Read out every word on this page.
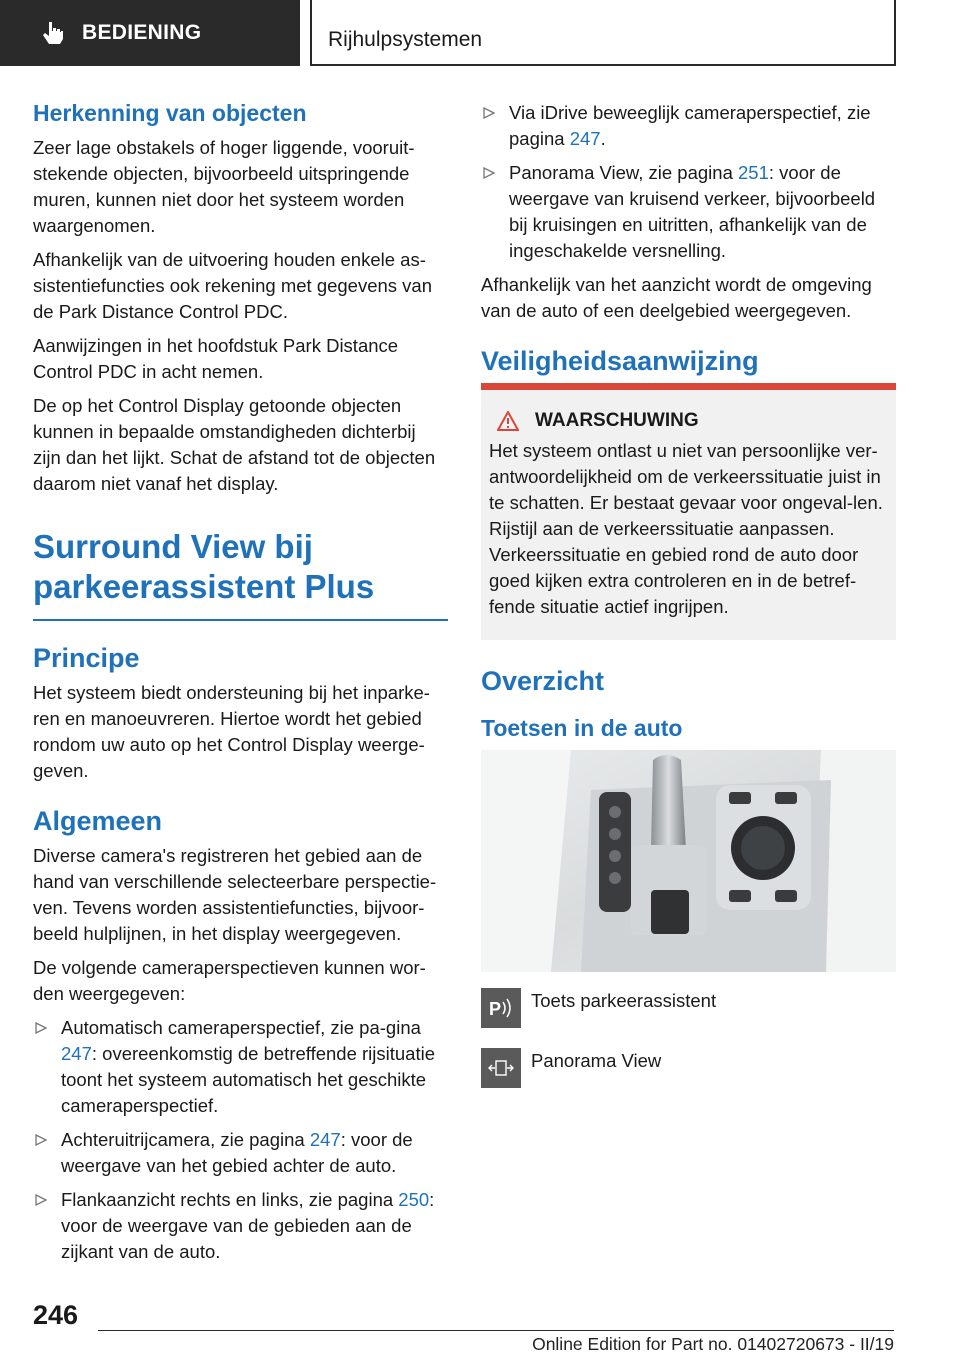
BEDIENING	Rijhulpsystemen
Herkenning van objecten

Zeer lage obstakels of hoger liggende, vooruit-stekende objecten, bijvoorbeeld uitspringende muren, kunnen niet door het systeem worden waargenomen.

Afhankelijk van de uitvoering houden enkele as-sistentiefuncties ook rekening met gegevens van de Park Distance Control PDC.

Aanwijzingen in het hoofdstuk Park Distance Control PDC in acht nemen.

De op het Control Display getoonde objecten kunnen in bepaalde omstandigheden dichterbij zijn dan het lijkt. Schat de afstand tot de objecten daarom niet vanaf het display.

Surround View bij parkeerassistent Plus
Principe

Het systeem biedt ondersteuning bij het inparke-ren en manoeuvreren. Hiertoe wordt het gebied rondom uw auto op het Control Display weerge-geven.

Algemeen

Diverse camera's registreren het gebied aan de hand van verschillende selecteerbare perspectie-ven. Tevens worden assistentiefuncties, bijvoor-beeld hulplijnen, in het display weergegeven.

De volgende cameraperspectieven kunnen wor-den weergegeven:

Automatisch cameraperspectief, zie pa-gina 247: overeenkomstig de betreffende rijsituatie toont het systeem automatisch het geschikte cameraperspectief.
Achteruitrijcamera, zie pagina 247: voor de weergave van het gebied achter de auto.
Flankaanzicht rechts en links, zie pagina 250: voor de weergave van de gebieden aan de zijkant van de auto.
Via iDrive beweeglijk cameraperspectief, zie pagina 247.
Panorama View, zie pagina 251: voor de weergave van kruisend verkeer, bijvoorbeeld bij kruisingen en uitritten, afhankelijk van de ingeschakelde versnelling.

Afhankelijk van het aanzicht wordt de omgeving van de auto of een deelgebied weergegeven.

Veiligheidsaanwijzing
WAARSCHUWING

Het systeem ontlast u niet van persoonlijke ver-antwoordelijkheid om de verkeerssituatie juist in te schatten. Er bestaat gevaar voor ongeval-len. Rijstijl aan de verkeerssituatie aanpassen. Verkeerssituatie en gebied rond de auto door goed kijken extra controleren en in de betref-fende situatie actief ingrijpen.

Overzicht
Toetsen in de auto
P Toets parkeerassistent
Panorama View
246
Online Edition for Part no. 01402720673 - II/19
